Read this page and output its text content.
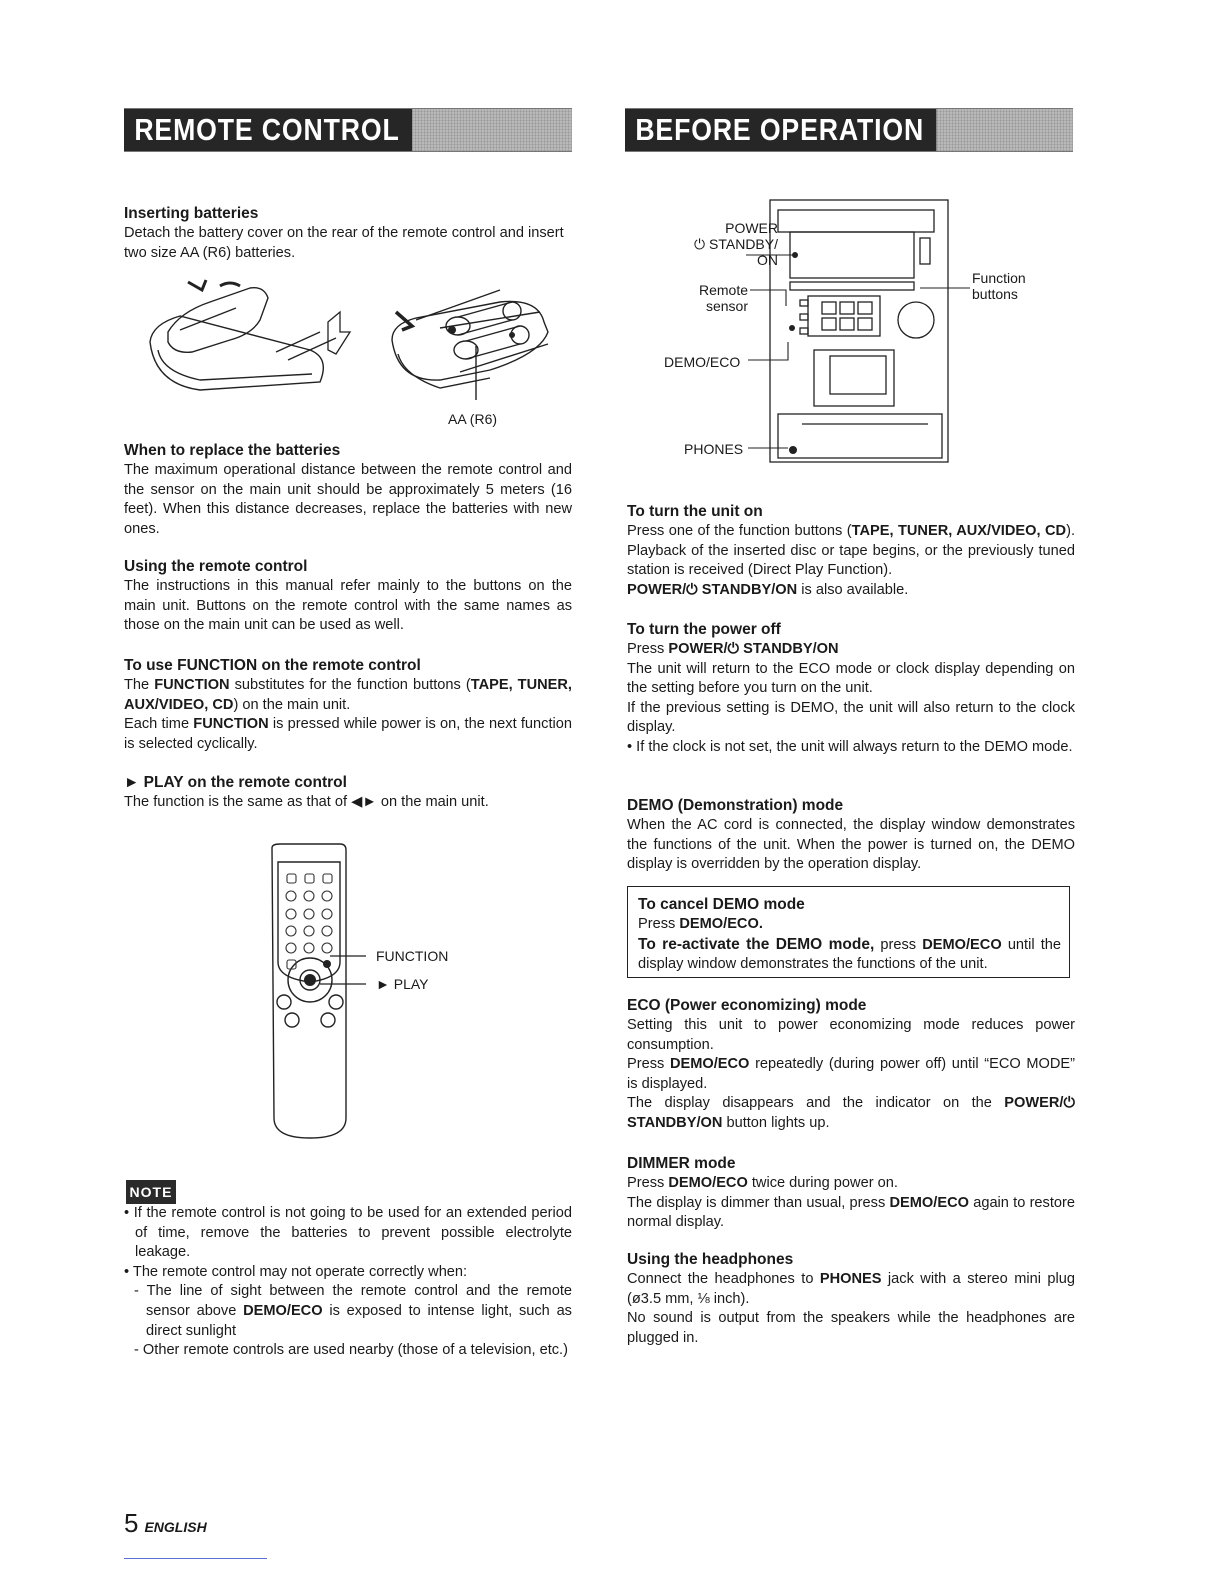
REMOTE CONTROL	BEFORE OPERATION

Inserting batteries

Detach the battery cover on the rear of the remote control and insert two size AA (R6) batteries.

AA (R6)

When to replace the batteries

The maximum operational distance between the remote control and the sensor on the main unit should be approximately 5 meters (16 feet). When this distance decreases, replace the batteries with new ones.

Using the remote control

The instructions in this manual refer mainly to the buttons on the main unit. Buttons on the remote control with the same names as those on the main unit can be used as well.

To use FUNCTION on the remote control

The FUNCTION substitutes for the function buttons (TAPE, TUNER, AUX/VIDEO, CD) on the main unit.

Each time FUNCTION is pressed while power is on, the next function is selected cyclically.

► PLAY on the remote control

The function is the same as that of ◀► on the main unit.

FUNCTION
► PLAY
NOTE

• If the remote control is not going to be used for an extended period of time, remove the batteries to prevent possible electrolyte leakage.

• The remote control may not operate correctly when:

- The line of sight between the remote control and the remote sensor above DEMO/ECO is exposed to intense light, such as direct sunlight

- Other remote controls are used nearby (those of a television, etc.)

POWER
⏻ STANDBY/
ON
Remote
sensor
DEMO/ECO
PHONES
Function
buttons

To turn the unit on

Press one of the function buttons (TAPE, TUNER, AUX/VIDEO, CD). Playback of the inserted disc or tape begins, or the previously tuned station is received (Direct Play Function).
POWER/⏻ STANDBY/ON is also available.

To turn the power off

Press POWER/⏻ STANDBY/ON

The unit will return to the ECO mode or clock display depending on the setting before you turn on the unit.

If the previous setting is DEMO, the unit will also return to the clock display.

• If the clock is not set, the unit will always return to the DEMO mode.

DEMO (Demonstration) mode

When the AC cord is connected, the display window demonstrates the functions of the unit. When the power is turned on, the DEMO display is overridden by the operation display.

To cancel DEMO mode

Press DEMO/ECO.

To re-activate the DEMO mode, press DEMO/ECO until the display window demonstrates the functions of the unit.

ECO (Power economizing) mode

Setting this unit to power economizing mode reduces power consumption.

Press DEMO/ECO repeatedly (during power off) until “ECO MODE” is displayed.

The display disappears and the indicator on the POWER/⏻ STANDBY/ON button lights up.

DIMMER mode

Press DEMO/ECO twice during power on.

The display is dimmer than usual, press DEMO/ECO again to restore normal display.

Using the headphones

Connect the headphones to PHONES jack with a stereo mini plug (ø3.5 mm, ⅛ inch).

No sound is output from the speakers while the headphones are plugged in.

5 ENGLISH
